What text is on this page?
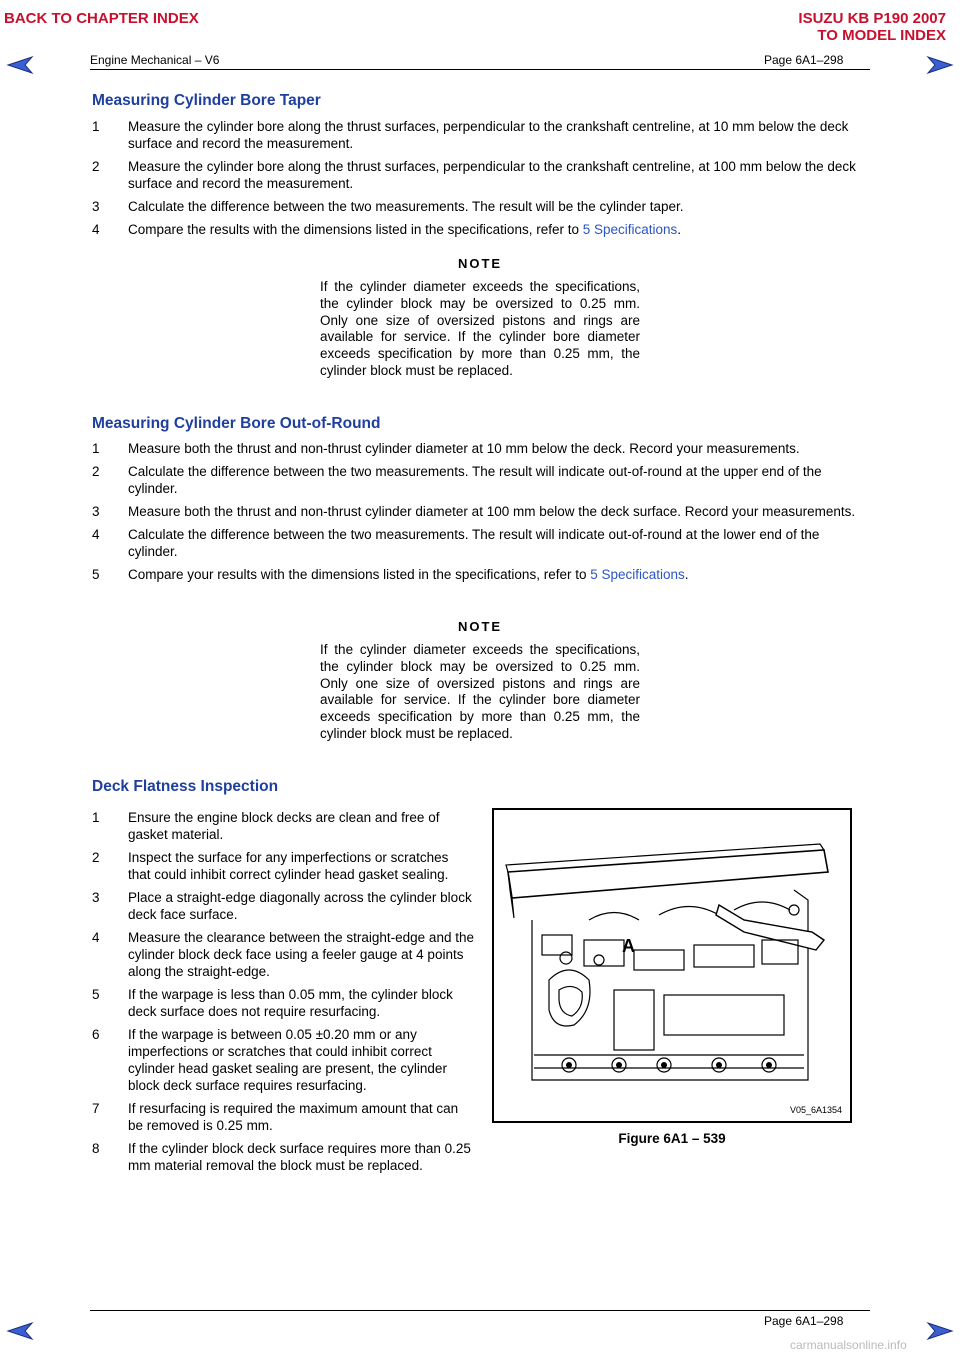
BACK TO CHAPTER INDEX	ISUZU KB P190 2007
TO MODEL INDEX
Engine Mechanical – V6	Page 6A1–298
Measuring Cylinder Bore Taper
1 Measure the cylinder bore along the thrust surfaces, perpendicular to the crankshaft centreline, at 10 mm below the deck surface and record the measurement.
2 Measure the cylinder bore along the thrust surfaces, perpendicular to the crankshaft centreline, at 100 mm below the deck surface and record the measurement.
3 Calculate the difference between the two measurements. The result will be the cylinder taper.
4 Compare the results with the dimensions listed in the specifications, refer to 5 Specifications.
NOTE
If the cylinder diameter exceeds the specifications, the cylinder block may be oversized to 0.25 mm. Only one size of oversized pistons and rings are available for service. If the cylinder bore diameter exceeds specification by more than 0.25 mm, the cylinder block must be replaced.
Measuring Cylinder Bore Out-of-Round
1 Measure both the thrust and non-thrust cylinder diameter at 10 mm below the deck. Record your measurements.
2 Calculate the difference between the two measurements. The result will indicate out-of-round at the upper end of the cylinder.
3 Measure both the thrust and non-thrust cylinder diameter at 100 mm below the deck surface. Record your measurements.
4 Calculate the difference between the two measurements. The result will indicate out-of-round at the lower end of the cylinder.
5 Compare your results with the dimensions listed in the specifications, refer to 5 Specifications.
NOTE
If the cylinder diameter exceeds the specifications, the cylinder block may be oversized to 0.25 mm. Only one size of oversized pistons and rings are available for service. If the cylinder bore diameter exceeds specification by more than 0.25 mm, the cylinder block must be replaced.
Deck Flatness Inspection
1 Ensure the engine block decks are clean and free of gasket material.
2 Inspect the surface for any imperfections or scratches that could inhibit correct cylinder head gasket sealing.
3 Place a straight-edge diagonally across the cylinder block deck face surface.
4 Measure the clearance between the straight-edge and the cylinder block deck face using a feeler gauge at 4 points along the straight-edge.
5 If the warpage is less than 0.05 mm, the cylinder block deck surface does not require resurfacing.
6 If the warpage is between 0.05 ±0.20 mm or any imperfections or scratches that could inhibit correct cylinder head gasket sealing are present, the cylinder block deck surface requires resurfacing.
7 If resurfacing is required the maximum amount that can be removed is 0.25 mm.
8 If the cylinder block deck surface requires more than 0.25 mm material removal the block must be replaced.
A
V05_6A1354
Figure 6A1 – 539
Page 6A1–298
carmanualsonline.info
